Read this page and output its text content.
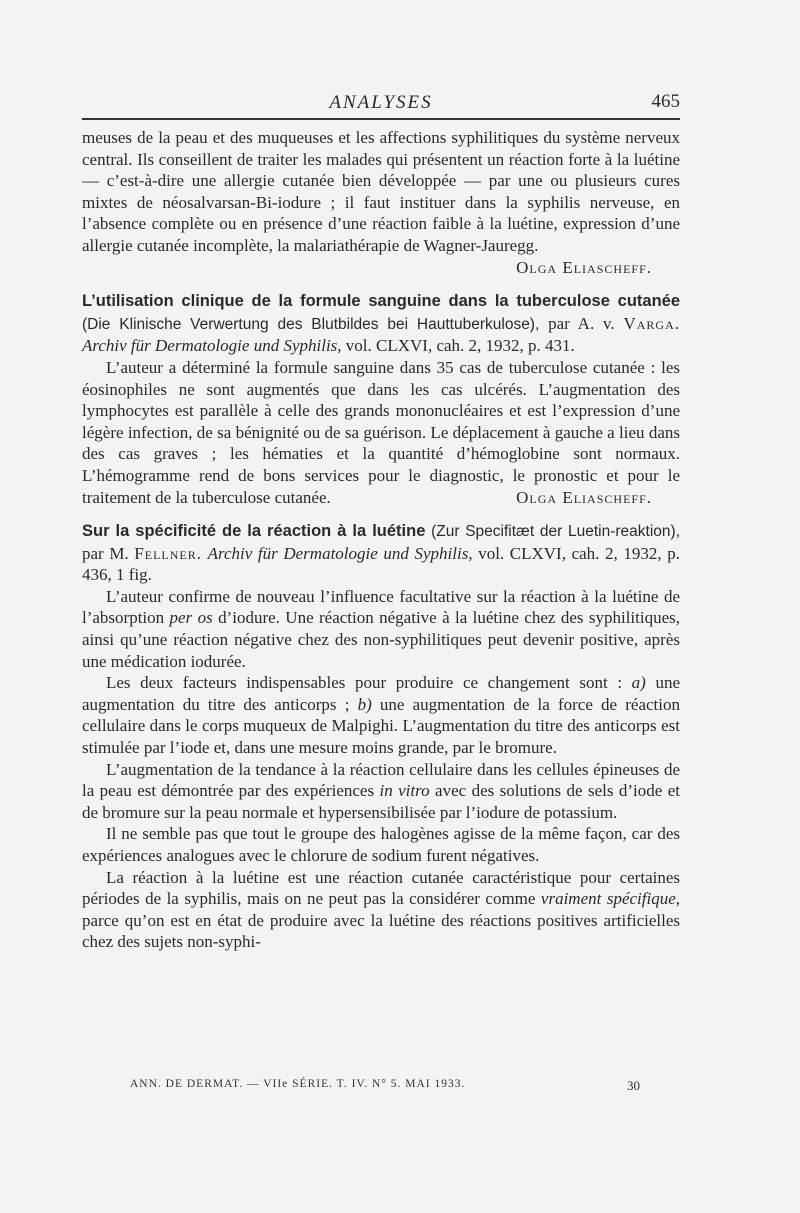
ANALYSES	465

meuses de la peau et des muqueuses et les affections syphilitiques du système nerveux central. Ils conseillent de traiter les malades qui présentent un réaction forte à la luétine — c’est-à-dire une allergie cutanée bien développée — par une ou plusieurs cures mixtes de néosalvarsan-Bi-iodure ; il faut instituer dans la syphilis nerveuse, en l’absence complète ou en présence d’une réaction faible à la luétine, expression d’une allergie cutanée incomplète, la malariathérapie de Wagner-Jauregg.

Olga Eliascheff.

L’utilisation clinique de la formule sanguine dans la tuberculose cutanée (Die Klinische Verwertung des Blutbildes bei Hauttuberkulose), par A. v. Varga. Archiv für Dermatologie und Syphilis, vol. CLXVI, cah. 2, 1932, p. 431.

L’auteur a déterminé la formule sanguine dans 35 cas de tuberculose cutanée : les éosinophiles ne sont augmentés que dans les cas ulcérés. L’augmentation des lymphocytes est parallèle à celle des grands mononucléaires et est l’expression d’une légère infection, de sa bénignité ou de sa guérison. Le déplacement à gauche a lieu dans des cas graves ; les hématies et la quantité d’hémoglobine sont normaux. L’hémogramme rend de bons services pour le diagnostic, le pronostic et pour le traitement de la tuberculose cutanée.	Olga Eliascheff.

Sur la spécificité de la réaction à la luétine (Zur Specifitæt der Luetin-reaktion), par M. Fellner. Archiv für Dermatologie und Syphilis, vol. CLXVI, cah. 2, 1932, p. 436, 1 fig.

L’auteur confirme de nouveau l’influence facultative sur la réaction à la luétine de l’absorption per os d’iodure. Une réaction négative à la luétine chez des syphilitiques, ainsi qu’une réaction négative chez des non-syphilitiques peut devenir positive, après une médication iodurée.

Les deux facteurs indispensables pour produire ce changement sont : a) une augmentation du titre des anticorps ; b) une augmentation de la force de réaction cellulaire dans le corps muqueux de Malpighi. L’augmentation du titre des anticorps est stimulée par l’iode et, dans une mesure moins grande, par le bromure.

L’augmentation de la tendance à la réaction cellulaire dans les cellules épineuses de la peau est démontrée par des expériences in vitro avec des solutions de sels d’iode et de bromure sur la peau normale et hypersensibilisée par l’iodure de potassium.

Il ne semble pas que tout le groupe des halogènes agisse de la même façon, car des expériences analogues avec le chlorure de sodium furent négatives.

La réaction à la luétine est une réaction cutanée caractéristique pour certaines périodes de la syphilis, mais on ne peut pas la considérer comme vraiment spécifique, parce qu’on est en état de produire avec la luétine des réactions positives artificielles chez des sujets non-syphi-

ANN. DE DERMAT. — VIIe SÉRIE. T. IV. N° 5. MAI 1933.	30
